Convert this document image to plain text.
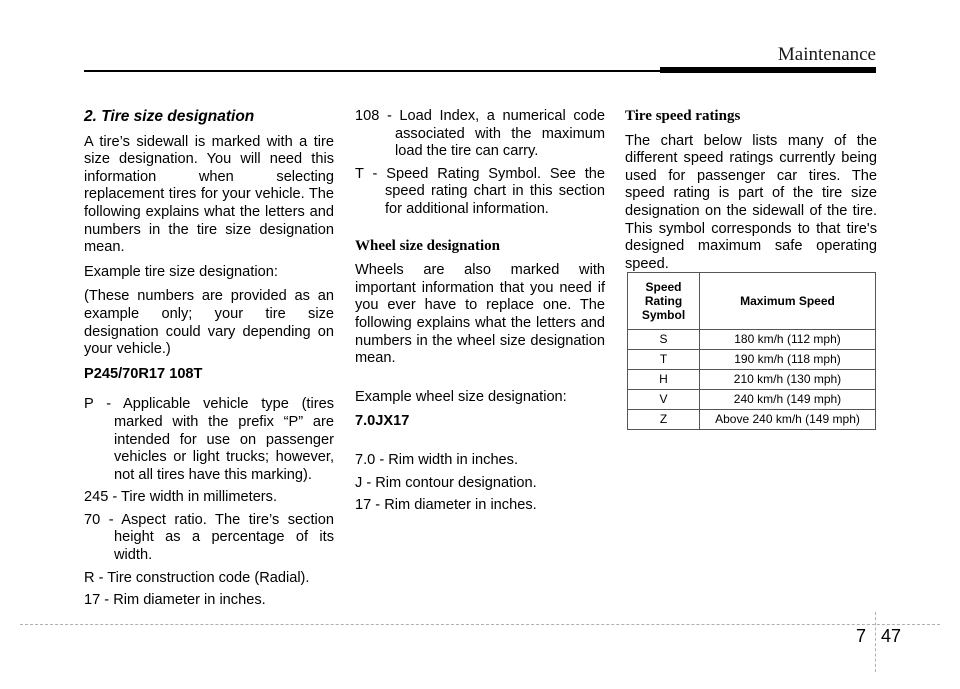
Maintenance
2. Tire size designation

A tire’s sidewall is marked with a tire size designation. You will need this information when selecting replacement tires for your vehicle. The following explains what the letters and numbers in the tire size designation mean.

Example tire size designation:

(These numbers are provided as an example only; your tire size designation could vary depending on your vehicle.)

P245/70R17 108T

P - Applicable vehicle type (tires marked with the prefix “P” are intended for use on passenger vehicles or light trucks; however, not all tires have this marking).
245 - Tire width in millimeters.
70 - Aspect ratio. The tire’s section height as a percentage of its width.
R - Tire construction code (Radial).
17 - Rim diameter in inches.
108 - Load Index, a numerical code associated with the maximum load the tire can carry.
T - Speed Rating Symbol. See the speed rating chart in this section for additional information.
Wheel size designation

Wheels are also marked with important information that you need if you ever have to replace one. The following explains what the letters and numbers in the wheel size designation mean.

Example wheel size designation:

7.0JX17

7.0 - Rim width in inches.
J - Rim contour designation.
17 - Rim diameter in inches.
Tire speed ratings

The chart below lists many of the different speed ratings currently being used for passenger car tires. The speed rating is part of the tire size designation on the sidewall of the tire. This symbol corresponds to that tire's designed maximum safe operating speed.

Speed Rating Symbol	Maximum Speed
S	180 km/h (112 mph)
T	190 km/h (118 mph)
H	210 km/h (130 mph)
V	240 km/h (149 mph)
Z	Above 240 km/h (149 mph)
7 47
